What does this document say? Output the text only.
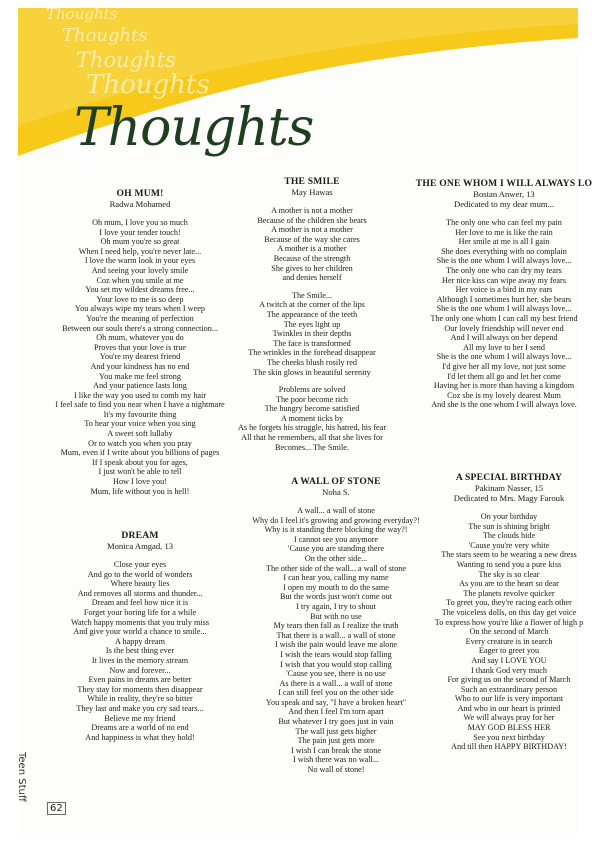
Thoughts
Thoughts
Thoughts
Thoughts
Thoughts
OH MUM!
Radwa Mohamed
Oh mum, I love you so much
I love your tender touch!
Oh mum you're so great
When I need help, you're never late...
I love the warm look in your eyes
And seeing your lovely smile
Coz when you smile at me
You set my wildest dreams free...
Your love to me is so deep
You always wipe my tears when I weep
You're the meaning of perfection
Between our souls there's a strong connection...
Oh mum, whatever you do
Proves that your love is true
You're my dearest friend
And your kindness has no end
You make me feel strong
And your patience lasts long
I like the way you used to comb my hair
I feel safe to find you near when I have a nightmare
It's my favourite thing
To hear your voice when you sing
A sweet soft lullaby
Or to watch you when you pray
Mum, even if I write about you billions of pages
If I speak about you for ages,
I just won't be able to tell
How I love you!
Mum, life without you is hell!
DREAM
Monica Amgad, 13
Close your eyes
And go to the world of wonders
Where beauty lies
And removes all storms and thunder...
Dream and feel how nice it is
Forget your boring life for a while
Watch happy moments that you truly miss
And give your world a chance to smile...
A happy dream
Is the best thing ever
It lives in the memory stream
Now and forever...
Even pains in dreams are better
They stay for moments then disappear
While in reality, they're so bitter
They last and make you cry sad tears...
Believe me my friend
Dreams are a world of no end
And happiness is what they hold!
THE SMILE
May Hawas
A mother is not a mother
Because of the children she bears
A mother is not a mother
Because of the way she cares
A mother is a mother
Because of the strength
She gives to her children
and denies herself
The Smile...
A twitch at the corner of the lips
The appearance of the teeth
The eyes light up
Twinkles in their depths
The face is transformed
The wrinkles in the forehead disappear
The cheeks blush rosily red
The skin glows in beautiful serenity
Problems are solved
The poor become rich
The hungry become satisfied
A moment ticks by
As he forgets his struggle, his hatred, his fear
All that he remembers, all that she lives for
Becomes... The Smile.
A WALL OF STONE
Noha S.
A wall... a wall of stone
Why do I feel it's growing and growing everyday?!
Why is it standing there blocking the way?!
I cannot see you anymore
'Cause you are standing there
On the other side...
The other side of the wall... a wall of stone
I can hear you, calling my name
I open my mouth to do the same
But the words just won't come out
I try again, I try to shout
But with no use
My tears then fall as I realize the truth
That there is a wall... a wall of stone
I wish the pain would leave me alone
I wish the tears would stop falling
I wish that you would stop calling
'Cause you see, there is no use
As there is a wall... a wall of stone
I can still feel you on the other side
You speak and say, "I have a broken heart"
And then I feel I'm torn apart
But whatever I try goes just in vain
The wall just gets higher
The pain just gets more
I wish I can break the stone
I wish there was no wall...
No wall of stone!
THE ONE WHOM I WILL ALWAYS LO
Bostan Anwer, 13
Dedicated to my dear mum...
The only one who can feel my pain
Her love to me is like the rain
Her smile at me is all I gain
She does everything with no complain
She is the one whom I will always love...
The only one who can dry my tears
Her nice kiss can wipe away my fears
Her voice is a bird in my ears
Although I sometimes hurt her, she bears
She is the one whom I will always love...
The only one whom I can call my best friend
Our lovely friendship will never end
And I will always on her depend
All my love to her I send
She is the one whom I will always love...
I'd give her all my love, not just some
I'd let them all go and let her come
Having her is more than having a kingdom
Coz she is my lovely dearest Mum
And she is the one whom I will always love.
A SPECIAL BIRTHDAY
Pakinam Nasser, 15
Dedicated to Mrs. Magy Farouk
On your birthday
The sun is shining bright
The clouds hide
'Cause you're very white
The stars seem to be wearing a new dress
Wanting to send you a pure kiss
The sky is so clear
As you are to the heart so dear
The planets revolve quicker
To greet you, they're racing each other
The voiceless dolls, on this day get voice
To express how you're like a flower of high p
On the second of March
Every creature is in search
Eager to greet you
And say I LOVE YOU
I thank God very much
For giving us on the second of March
Such an extraordinary person
Who to our life is very important
And who in our heart is printed
We will always pray for her
MAY GOD BLESS HER
See you next birthday
And till then HAPPY BIRTHDAY!
Teen Stuff
62
